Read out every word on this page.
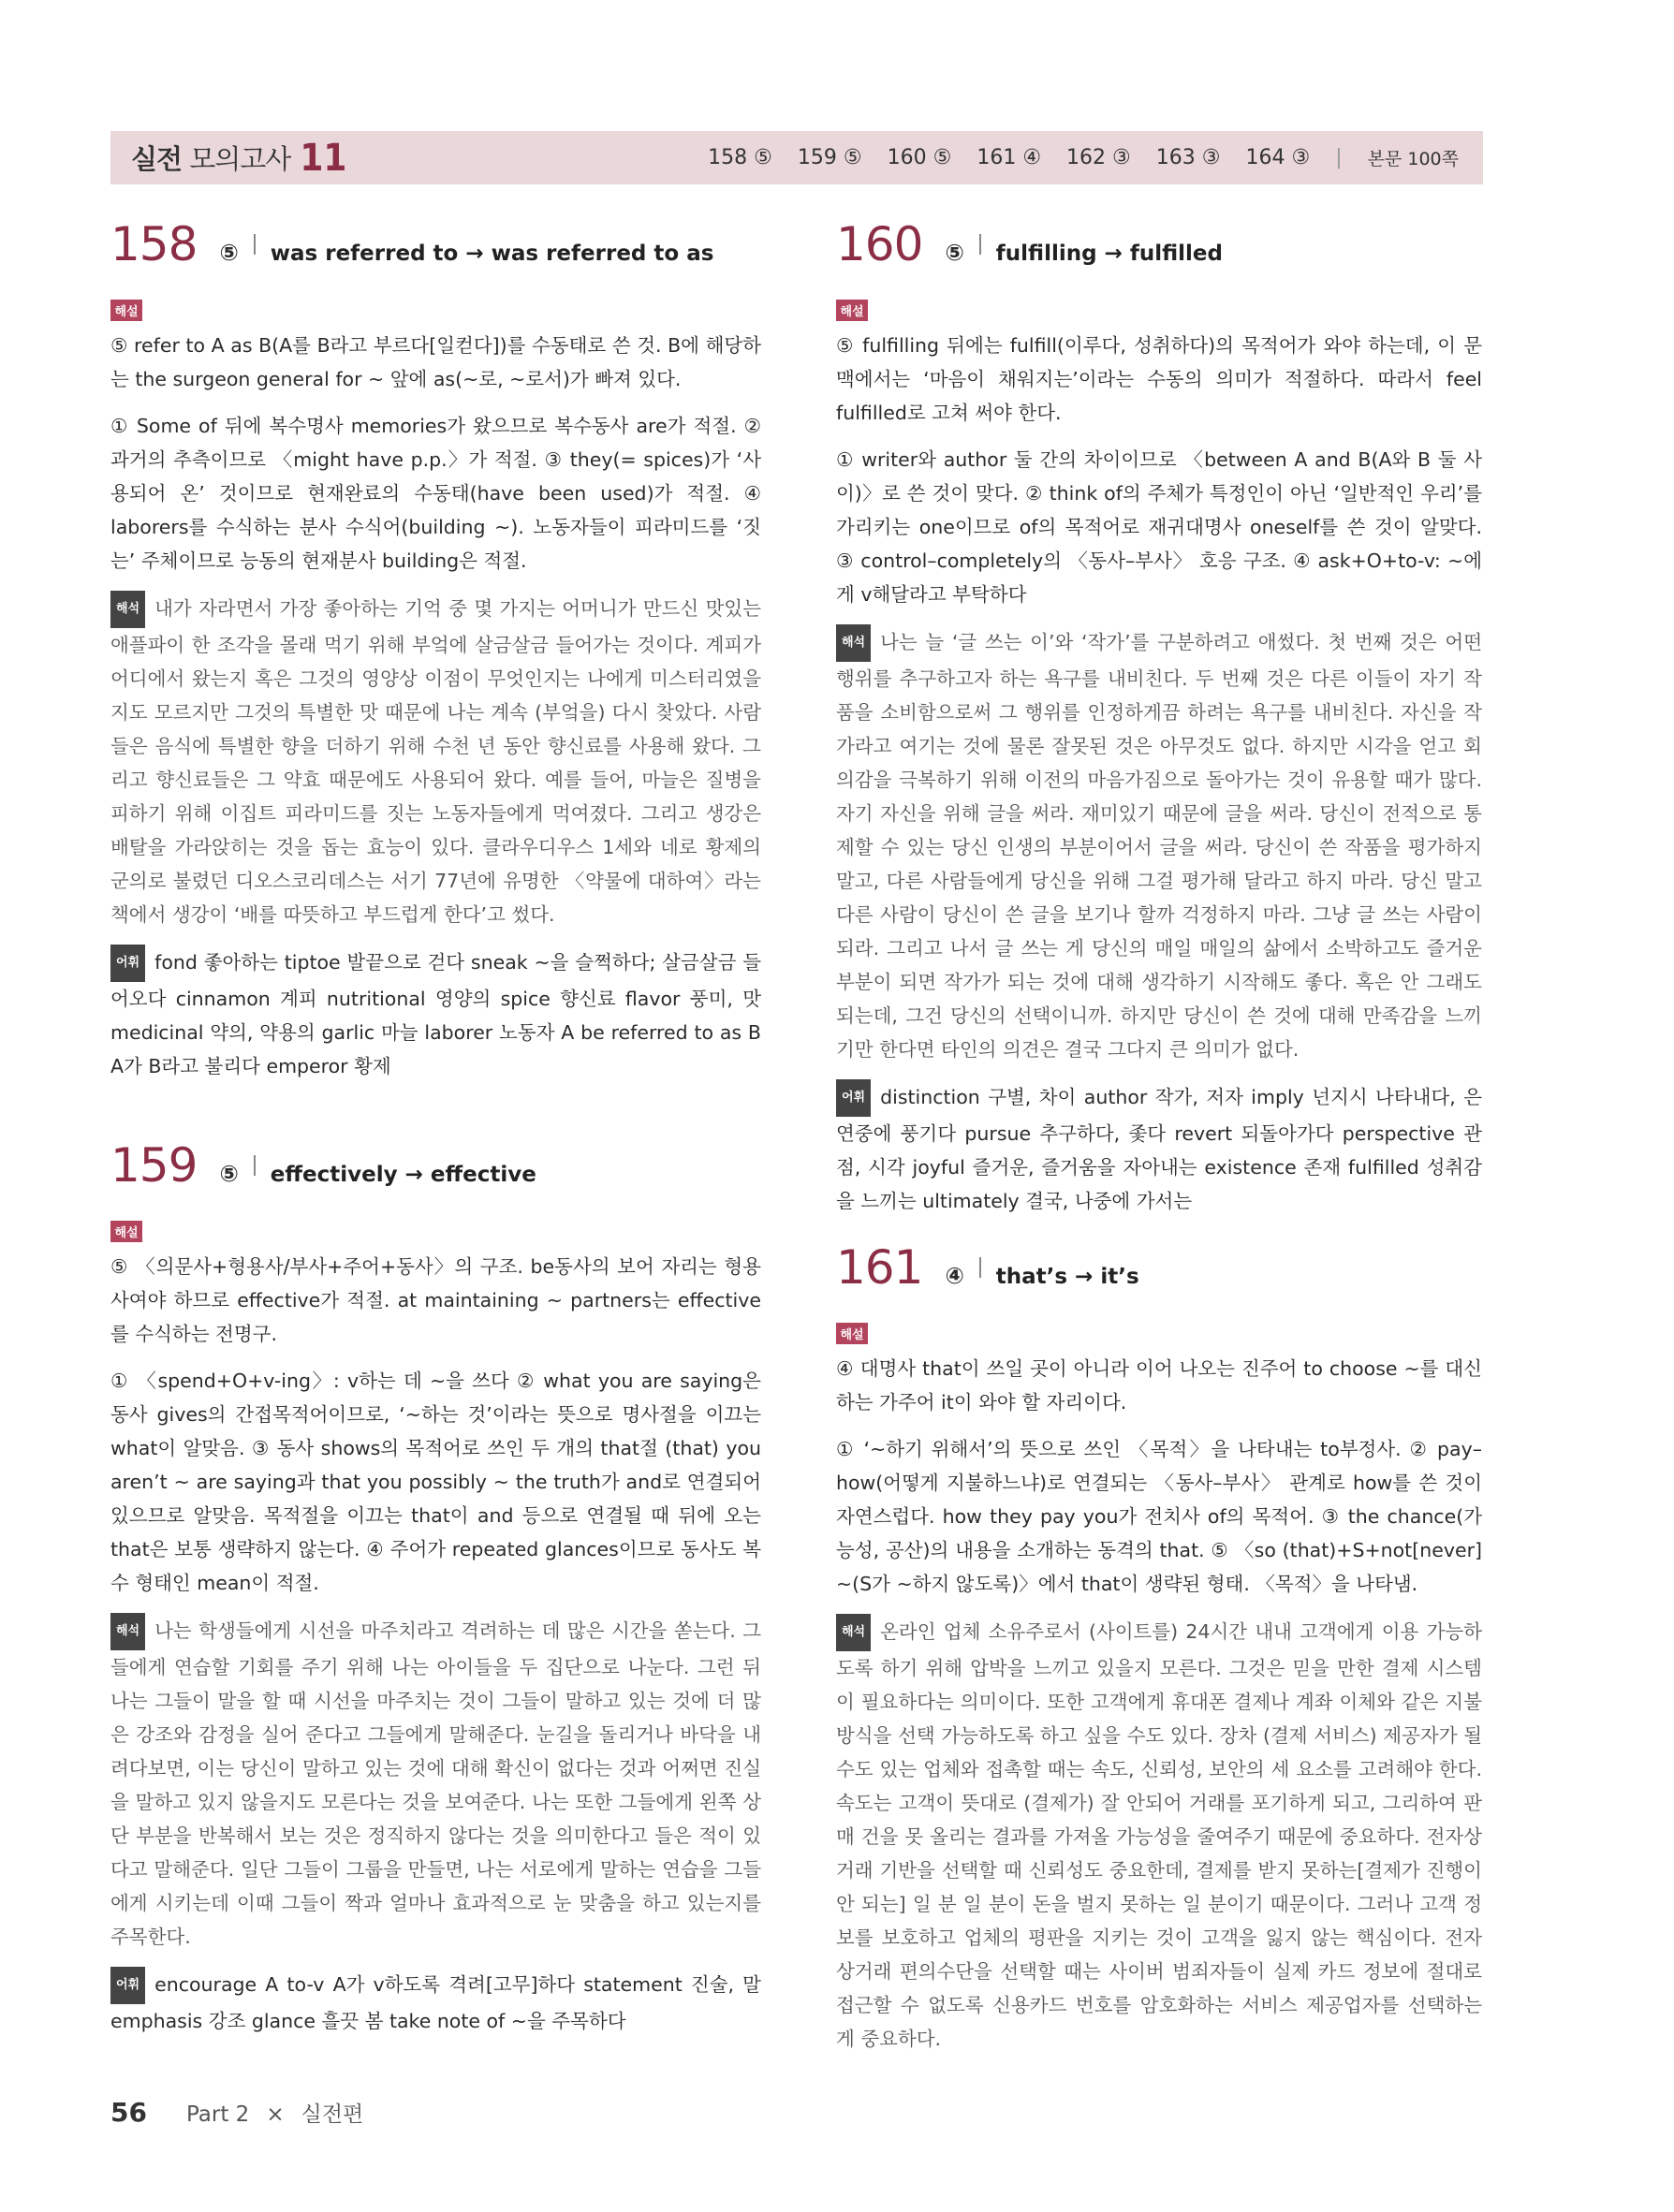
실전 모의고사 11	158 ⑤ 159 ⑤ 160 ⑤ 161 ④ 162 ③ 163 ③ 164 ③ | 본문 100쪽
158 ⑤ was referred to → was referred to as
해설

⑤ refer to A as B(A를 B라고 부르다[일컫다])를 수동태로 쓴 것. B에 해당하는 the surgeon general for ~ 앞에 as(~로, ~로서)가 빠져 있다.

① Some of 뒤에 복수명사 memories가 왔으므로 복수동사 are가 적절. ② 과거의 추측이므로 〈might have p.p.〉가 적절. ③ they(= spices)가 ‘사용되어 온’ 것이므로 현재완료의 수동태(have been used)가 적절. ④ laborers를 수식하는 분사 수식어(building ~). 노동자들이 피라미드를 ‘짓는’ 주체이므로 능동의 현재분사 building은 적절.

해석 내가 자라면서 가장 좋아하는 기억 중 몇 가지는 어머니가 만드신 맛있는 애플파이 한 조각을 몰래 먹기 위해 부엌에 살금살금 들어가는 것이다. 계피가 어디에서 왔는지 혹은 그것의 영양상 이점이 무엇인지는 나에게 미스터리였을지도 모르지만 그것의 특별한 맛 때문에 나는 계속 (부엌을) 다시 찾았다. 사람들은 음식에 특별한 향을 더하기 위해 수천 년 동안 향신료를 사용해 왔다. 그리고 향신료들은 그 약효 때문에도 사용되어 왔다. 예를 들어, 마늘은 질병을 피하기 위해 이집트 피라미드를 짓는 노동자들에게 먹여졌다. 그리고 생강은 배탈을 가라앉히는 것을 돕는 효능이 있다. 클라우디우스 1세와 네로 황제의 군의로 불렸던 디오스코리데스는 서기 77년에 유명한 〈약물에 대하여〉라는 책에서 생강이 ‘배를 따뜻하고 부드럽게 한다’고 썼다.

어휘 fond 좋아하는 tiptoe 발끝으로 걷다 sneak ~을 슬쩍하다; 살금살금 들어오다 cinnamon 계피 nutritional 영양의 spice 향신료 flavor 풍미, 맛 medicinal 약의, 약용의 garlic 마늘 laborer 노동자 A be referred to as B A가 B라고 불리다 emperor 황제

159 ⑤ effectively → effective
해설

⑤ 〈의문사+형용사/부사+주어+동사〉의 구조. be동사의 보어 자리는 형용사여야 하므로 effective가 적절. at maintaining ~ partners는 effective를 수식하는 전명구.

① 〈spend+O+v-ing〉: v하는 데 ~을 쓰다 ② what you are saying은 동사 gives의 간접목적어이므로, ‘~하는 것’이라는 뜻으로 명사절을 이끄는 what이 알맞음. ③ 동사 shows의 목적어로 쓰인 두 개의 that절 (that) you aren’t ~ are saying과 that you possibly ~ the truth가 and로 연결되어 있으므로 알맞음. 목적절을 이끄는 that이 and 등으로 연결될 때 뒤에 오는 that은 보통 생략하지 않는다. ④ 주어가 repeated glances이므로 동사도 복수 형태인 mean이 적절.

해석 나는 학생들에게 시선을 마주치라고 격려하는 데 많은 시간을 쏟는다. 그들에게 연습할 기회를 주기 위해 나는 아이들을 두 집단으로 나눈다. 그런 뒤 나는 그들이 말을 할 때 시선을 마주치는 것이 그들이 말하고 있는 것에 더 많은 강조와 감정을 실어 준다고 그들에게 말해준다. 눈길을 돌리거나 바닥을 내려다보면, 이는 당신이 말하고 있는 것에 대해 확신이 없다는 것과 어쩌면 진실을 말하고 있지 않을지도 모른다는 것을 보여준다. 나는 또한 그들에게 왼쪽 상단 부분을 반복해서 보는 것은 정직하지 않다는 것을 의미한다고 들은 적이 있다고 말해준다. 일단 그들이 그룹을 만들면, 나는 서로에게 말하는 연습을 그들에게 시키는데 이때 그들이 짝과 얼마나 효과적으로 눈 맞춤을 하고 있는지를 주목한다.

어휘 encourage A to-v A가 v하도록 격려[고무]하다 statement 진술, 말 emphasis 강조 glance 흘끗 봄 take note of ~을 주목하다

160 ⑤ fulfilling → fulfilled
해설

⑤ fulfilling 뒤에는 fulfill(이루다, 성취하다)의 목적어가 와야 하는데, 이 문맥에서는 ‘마음이 채워지는’이라는 수동의 의미가 적절하다. 따라서 feel fulfilled로 고쳐 써야 한다.

① writer와 author 둘 간의 차이이므로 〈between A and B(A와 B 둘 사이)〉로 쓴 것이 맞다. ② think of의 주체가 특정인이 아닌 ‘일반적인 우리’를 가리키는 one이므로 of의 목적어로 재귀대명사 oneself를 쓴 것이 알맞다. ③ control–completely의 〈동사–부사〉 호응 구조. ④ ask+O+to-v: ~에게 v해달라고 부탁하다

해석 나는 늘 ‘글 쓰는 이’와 ‘작가’를 구분하려고 애썼다. 첫 번째 것은 어떤 행위를 추구하고자 하는 욕구를 내비친다. 두 번째 것은 다른 이들이 자기 작품을 소비함으로써 그 행위를 인정하게끔 하려는 욕구를 내비친다. 자신을 작가라고 여기는 것에 물론 잘못된 것은 아무것도 없다. 하지만 시각을 얻고 회의감을 극복하기 위해 이전의 마음가짐으로 돌아가는 것이 유용할 때가 많다. 자기 자신을 위해 글을 써라. 재미있기 때문에 글을 써라. 당신이 전적으로 통제할 수 있는 당신 인생의 부분이어서 글을 써라. 당신이 쓴 작품을 평가하지 말고, 다른 사람들에게 당신을 위해 그걸 평가해 달라고 하지 마라. 당신 말고 다른 사람이 당신이 쓴 글을 보기나 할까 걱정하지 마라. 그냥 글 쓰는 사람이 되라. 그리고 나서 글 쓰는 게 당신의 매일 매일의 삶에서 소박하고도 즐거운 부분이 되면 작가가 되는 것에 대해 생각하기 시작해도 좋다. 혹은 안 그래도 되는데, 그건 당신의 선택이니까. 하지만 당신이 쓴 것에 대해 만족감을 느끼기만 한다면 타인의 의견은 결국 그다지 큰 의미가 없다.

어휘 distinction 구별, 차이 author 작가, 저자 imply 넌지시 나타내다, 은연중에 풍기다 pursue 추구하다, 좇다 revert 되돌아가다 perspective 관점, 시각 joyful 즐거운, 즐거움을 자아내는 existence 존재 fulfilled 성취감을 느끼는 ultimately 결국, 나중에 가서는

161 ④ that’s → it’s
해설

④ 대명사 that이 쓰일 곳이 아니라 이어 나오는 진주어 to choose ~를 대신하는 가주어 it이 와야 할 자리이다.

① ‘~하기 위해서’의 뜻으로 쓰인 〈목적〉을 나타내는 to부정사. ② pay–how(어떻게 지불하느냐)로 연결되는 〈동사–부사〉 관계로 how를 쓴 것이 자연스럽다. how they pay you가 전치사 of의 목적어. ③ the chance(가능성, 공산)의 내용을 소개하는 동격의 that. ⑤ 〈so (that)+S+not[never] ~(S가 ~하지 않도록)〉에서 that이 생략된 형태. 〈목적〉을 나타냄.

해석 온라인 업체 소유주로서 (사이트를) 24시간 내내 고객에게 이용 가능하도록 하기 위해 압박을 느끼고 있을지 모른다. 그것은 믿을 만한 결제 시스템이 필요하다는 의미이다. 또한 고객에게 휴대폰 결제나 계좌 이체와 같은 지불 방식을 선택 가능하도록 하고 싶을 수도 있다. 장차 (결제 서비스) 제공자가 될 수도 있는 업체와 접촉할 때는 속도, 신뢰성, 보안의 세 요소를 고려해야 한다. 속도는 고객이 뜻대로 (결제가) 잘 안되어 거래를 포기하게 되고, 그리하여 판매 건을 못 올리는 결과를 가져올 가능성을 줄여주기 때문에 중요하다. 전자상거래 기반을 선택할 때 신뢰성도 중요한데, 결제를 받지 못하는[결제가 진행이 안 되는] 일 분 일 분이 돈을 벌지 못하는 일 분이기 때문이다. 그러나 고객 정보를 보호하고 업체의 평판을 지키는 것이 고객을 잃지 않는 핵심이다. 전자 상거래 편의수단을 선택할 때는 사이버 범죄자들이 실제 카드 정보에 절대로 접근할 수 없도록 신용카드 번호를 암호화하는 서비스 제공업자를 선택하는 게 중요하다.

56 Part 2 × 실전편
